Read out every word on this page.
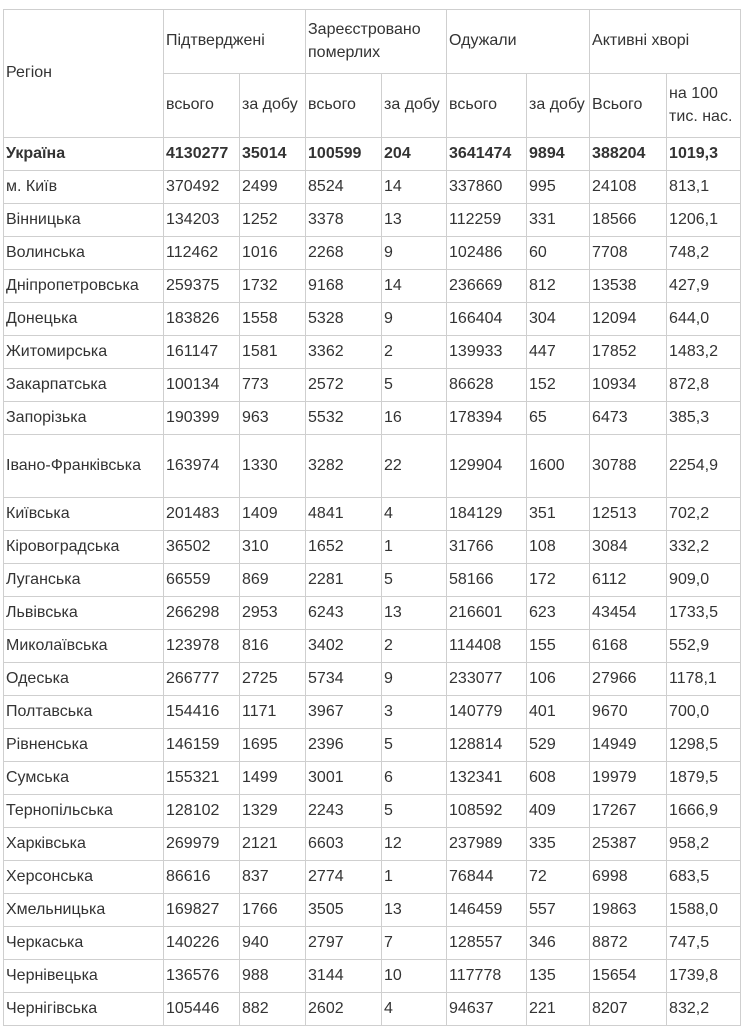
Регіон	Підтверджені		Зареєстровано померлих		Одужали		Активні хворі	
	всього	за добу	всього	за добу	всього	за добу	Всього	на 100 тис. нас.
Україна	4130277	35014	100599	204	3641474	9894	388204	1019,3
м. Київ	370492	2499	8524	14	337860	995	24108	813,1
Вінницька	134203	1252	3378	13	112259	331	18566	1206,1
Волинська	112462	1016	2268	9	102486	60	7708	748,2
Дніпропетровська	259375	1732	9168	14	236669	812	13538	427,9
Донецька	183826	1558	5328	9	166404	304	12094	644,0
Житомирська	161147	1581	3362	2	139933	447	17852	1483,2
Закарпатська	100134	773	2572	5	86628	152	10934	872,8
Запорізька	190399	963	5532	16	178394	65	6473	385,3
Івано-Франківська	163974	1330	3282	22	129904	1600	30788	2254,9
Київська	201483	1409	4841	4	184129	351	12513	702,2
Кіровоградська	36502	310	1652	1	31766	108	3084	332,2
Луганська	66559	869	2281	5	58166	172	6112	909,0
Львівська	266298	2953	6243	13	216601	623	43454	1733,5
Миколаївська	123978	816	3402	2	114408	155	6168	552,9
Одеська	266777	2725	5734	9	233077	106	27966	1178,1
Полтавська	154416	1171	3967	3	140779	401	9670	700,0
Рівненська	146159	1695	2396	5	128814	529	14949	1298,5
Сумська	155321	1499	3001	6	132341	608	19979	1879,5
Тернопільська	128102	1329	2243	5	108592	409	17267	1666,9
Харківська	269979	2121	6603	12	237989	335	25387	958,2
Херсонська	86616	837	2774	1	76844	72	6998	683,5
Хмельницька	169827	1766	3505	13	146459	557	19863	1588,0
Черкаська	140226	940	2797	7	128557	346	8872	747,5
Чернівецька	136576	988	3144	10	117778	135	15654	1739,8
Чернігівська	105446	882	2602	4	94637	221	8207	832,2
